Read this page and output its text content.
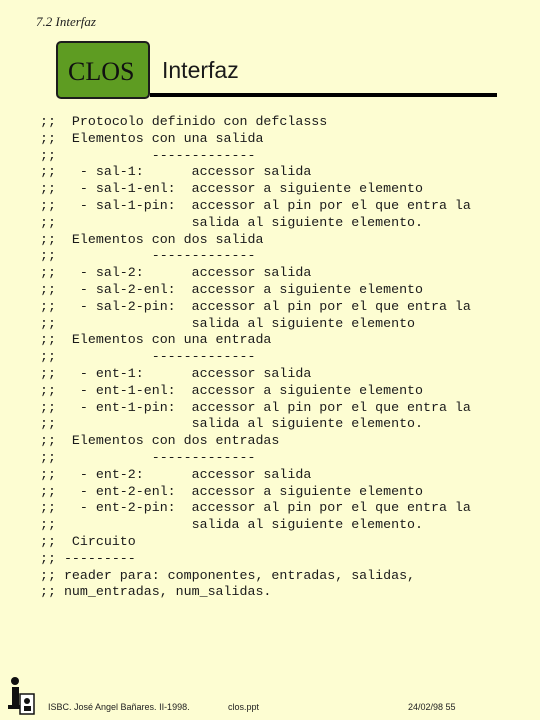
7.2 Interfaz
CLOS Interfaz
;;  Protocolo definido con defclasss
;;  Elementos con una salida
;;            -------------
;;   - sal-1:      accessor salida
;;   - sal-1-enl:  accessor a siguiente elemento
;;   - sal-1-pin:  accessor al pin por el que entra la
;;                 salida al siguiente elemento.
;;  Elementos con dos salida
;;            -------------
;;   - sal-2:      accessor salida
;;   - sal-2-enl:  accessor a siguiente elemento
;;   - sal-2-pin:  accessor al pin por el que entra la
;;                 salida al siguiente elemento
;;  Elementos con una entrada
;;            -------------
;;   - ent-1:      accessor salida
;;   - ent-1-enl:  accessor a siguiente elemento
;;   - ent-1-pin:  accessor al pin por el que entra la
;;                 salida al siguiente elemento.
;;  Elementos con dos entradas
;;            -------------
;;   - ent-2:      accessor salida
;;   - ent-2-enl:  accessor a siguiente elemento
;;   - ent-2-pin:  accessor al pin por el que entra la
;;                 salida al siguiente elemento.
;;  Circuito
;; ---------
;; reader para: componentes, entradas, salidas,
;; num_entradas, num_salidas.
ISBC. José Angel Bañares. II-1998.	clos.ppt	24/02/98 55
